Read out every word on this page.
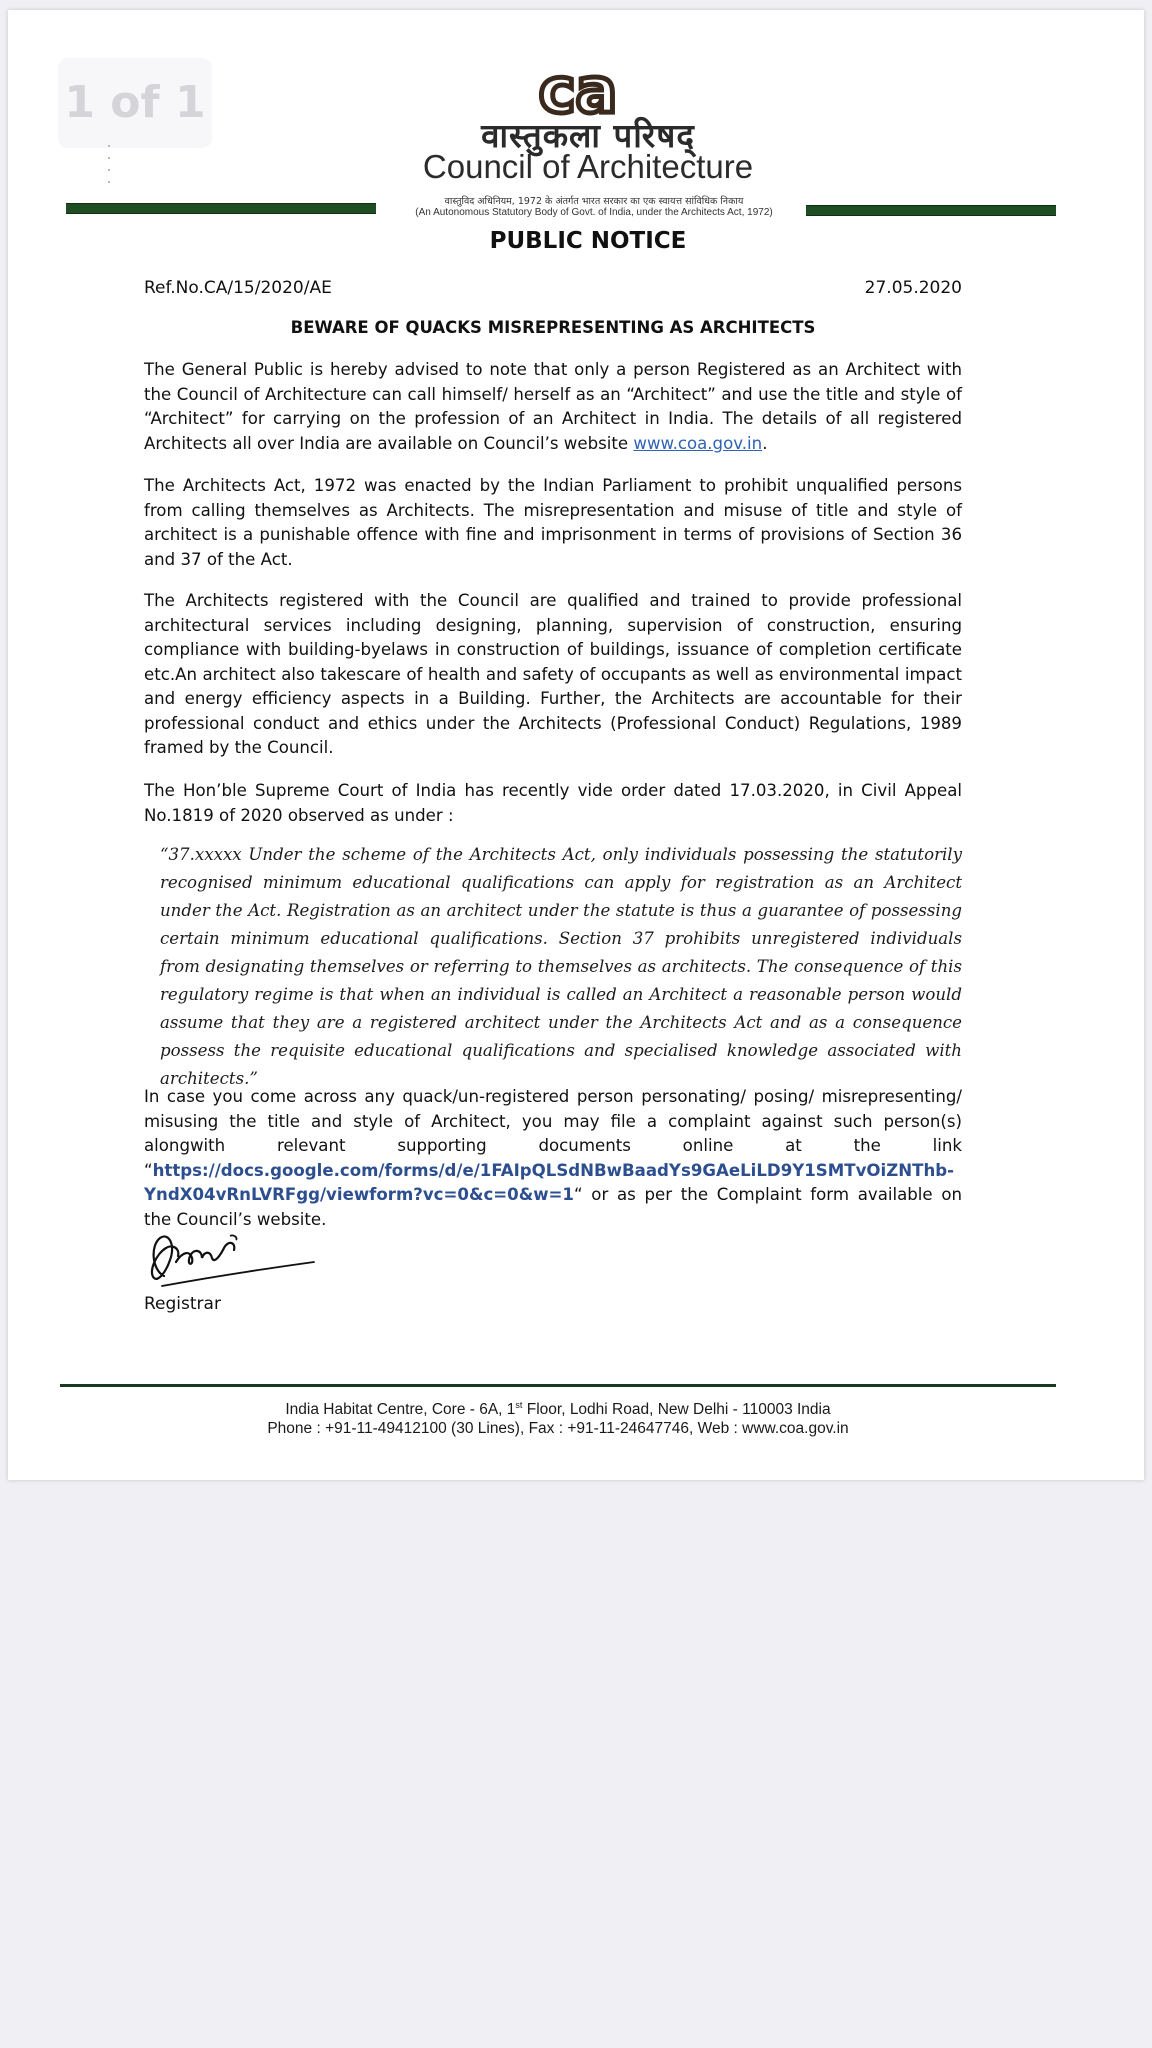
1 of 1	ca
वास्तुकला परिषद्
Council of Architecture
वास्तुविद अधिनियम, 1972 के अंतर्गत भारत सरकार का एक स्वायत्त सांविधिक निकाय
(An Autonomous Statutory Body of Govt. of India, under the Architects Act, 1972)
PUBLIC NOTICE
Ref.No.CA/15/2020/AE	27.05.2020
BEWARE OF QUACKS MISREPRESENTING AS ARCHITECTS
The General Public is hereby advised to note that only a person Registered as an Architect with the Council of Architecture can call himself/ herself as an “Architect” and use the title and style of “Architect” for carrying on the profession of an Architect in India. The details of all registered Architects all over India are available on Council’s website www.coa.gov.in.
The Architects Act, 1972 was enacted by the Indian Parliament to prohibit unqualified persons from calling themselves as Architects. The misrepresentation and misuse of title and style of architect is a punishable offence with fine and imprisonment in terms of provisions of Section 36 and 37 of the Act.
The Architects registered with the Council are qualified and trained to provide professional architectural services including designing, planning, supervision of construction, ensuring compliance with building-byelaws in construction of buildings, issuance of completion certificate etc.An architect also takescare of health and safety of occupants as well as environmental impact and energy efficiency aspects in a Building. Further, the Architects are accountable for their professional conduct and ethics under the Architects (Professional Conduct) Regulations, 1989 framed by the Council.
The Hon’ble Supreme Court of India has recently vide order dated 17.03.2020, in Civil Appeal No.1819 of 2020 observed as under :
“37.xxxxx Under the scheme of the Architects Act, only individuals possessing the statutorily recognised minimum educational qualifications can apply for registration as an Architect under the Act. Registration as an architect under the statute is thus a guarantee of possessing certain minimum educational qualifications. Section 37 prohibits unregistered individuals from designating themselves or referring to themselves as architects. The consequence of this regulatory regime is that when an individual is called an Architect a reasonable person would assume that they are a registered architect under the Architects Act and as a consequence possess the requisite educational qualifications and specialised knowledge associated with architects.”
In case you come across any quack/un-registered person personating/ posing/ misrepresenting/ misusing the title and style of Architect, you may file a complaint against such person(s) alongwith relevant supporting documents online at the link “https://docs.google.com/forms/d/e/1FAIpQLSdNBwBaadYs9GAeLiLD9Y1SMTvOiZNThb-YndX04vRnLVRFgg/viewform?vc=0&c=0&w=1“ or as per the Complaint form available on the Council’s website.
Registrar
India Habitat Centre, Core - 6A, 1st Floor, Lodhi Road, New Delhi - 110003 India
Phone : +91-11-49412100 (30 Lines), Fax : +91-11-24647746, Web : www.coa.gov.in
